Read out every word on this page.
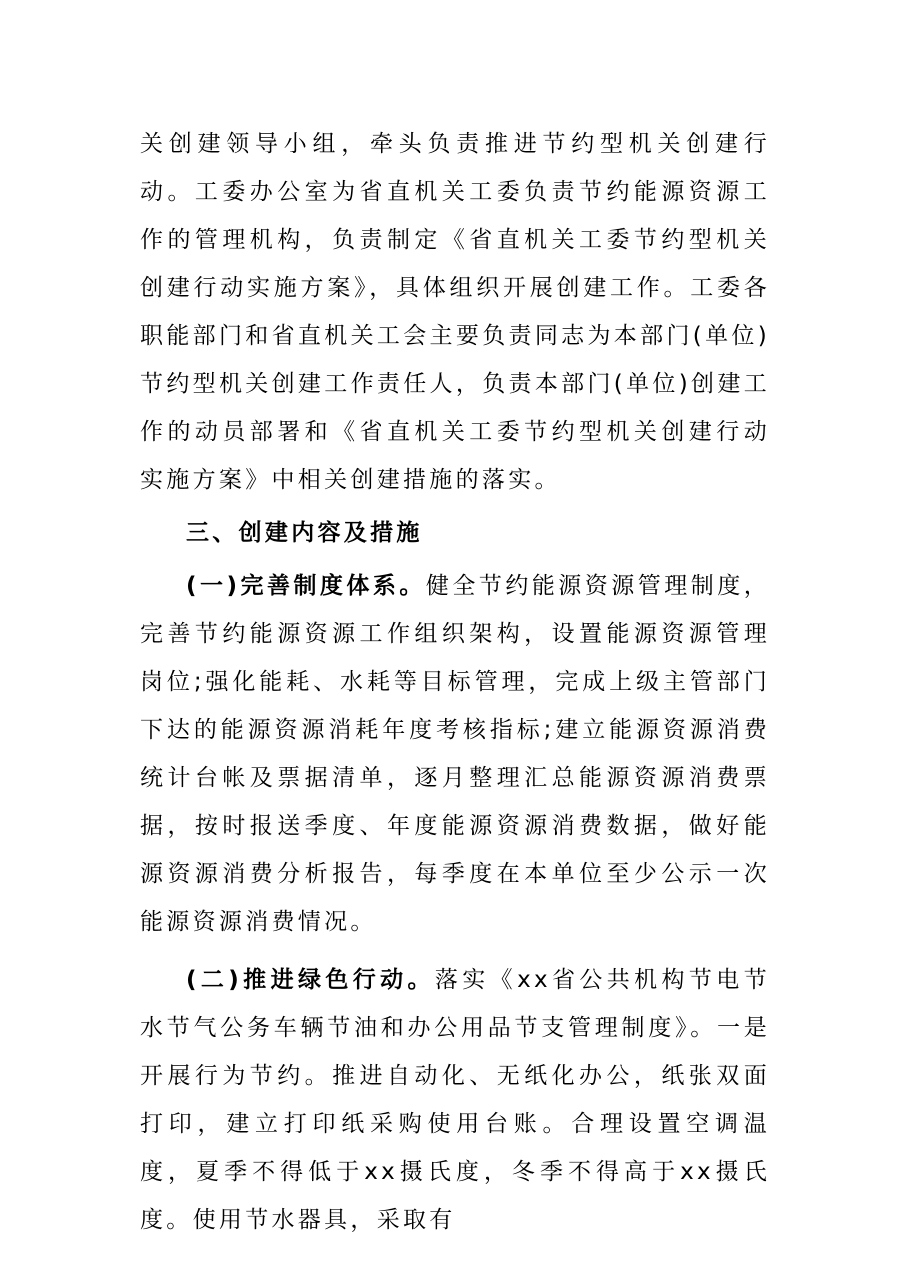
关创建领导小组，牵头负责推进节约型机关创建行动。工委办公室为省直机关工委负责节约能源资源工作的管理机构，负责制定《省直机关工委节约型机关创建行动实施方案》，具体组织开展创建工作。工委各职能部门和省直机关工会主要负责同志为本部门(单位)节约型机关创建工作责任人，负责本部门(单位)创建工作的动员部署和《省直机关工委节约型机关创建行动实施方案》中相关创建措施的落实。

三、创建内容及措施

(一)完善制度体系。健全节约能源资源管理制度，完善节约能源资源工作组织架构，设置能源资源管理岗位;强化能耗、水耗等目标管理，完成上级主管部门下达的能源资源消耗年度考核指标;建立能源资源消费统计台帐及票据清单，逐月整理汇总能源资源消费票据，按时报送季度、年度能源资源消费数据，做好能源资源消费分析报告，每季度在本单位至少公示一次能源资源消费情况。

(二)推进绿色行动。落实《xx省公共机构节电节水节气公务车辆节油和办公用品节支管理制度》。一是开展行为节约。推进自动化、无纸化办公，纸张双面打印，建立打印纸采购使用台账。合理设置空调温度，夏季不得低于xx摄氏度，冬季不得高于xx摄氏度。使用节水器具，采取有
